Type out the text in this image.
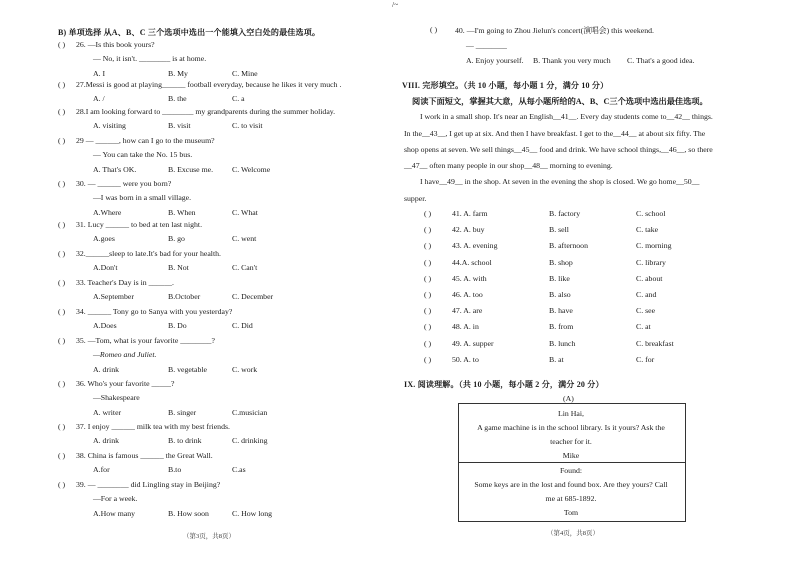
/~
B) 单项选择 从A、B、C 三个选项中选出一个能填入空白处的最佳选项。
( ) 26. —Is this book yours?
— No, it isn't. ________ is at home.
A. I	B. My	C. Mine
( ) 27.Messi is good at playing______ football everyday, because he likes it very much .
A. /	B. the	C. a
( ) 28.I am looking forward to ________ my grandparents during the summer holiday.
A. visiting	B. visit	C. to visit
( ) 29 — ______, how can I go to the museum?
— You can take the No. 15 bus.
A. That's OK.	B. Excuse me. C. Welcome
( ) 30. — ______ were you born?
—I was born in a small village.
A.Where	B. When	C. What
( ) 31. Lucy ______ to bed at ten last night.
A.goes	B. go	C. went
( ) 32.______sleep to late.It's bad for your health.
A.Don't	B. Not	C. Can't
( ) 33. Teacher's Day is in ______.
A.September	B.October	C. December
( ) 34. ______ Tony go to Sanya with you yesterday?
A.Does	B. Do	C. Did
( ) 35. —Tom, what is your favorite ________?
—Romeo and Juliet.
A. drink	B. vegetable	C. work
( ) 36. Who's your favorite _____?
—Shakespeare
A. writer	B. singer	C.musician
( ) 37. I enjoy ______ milk tea with my best friends.
A. drink	B. to drink	C. drinking
( ) 38. China is famous ______ the Great Wall.
A.for	B.to	C.as
( ) 39. — ________ did Lingling stay in Beijing?
—For a week.
A.How many	B. How soon	C. How long
（第3页，共8页）
( ) 40. —I'm going to Zhou Jielun's concert(演唱会) this weekend.
— ________
A. Enjoy yourself. B. Thank you very much C. That's a good idea.
VIII. 完形填空。（共 10 小题，每小题 1 分，满分 10 分）
阅读下面短文，掌握其大意，从每小题所给的A、B、C三个选项中选出最佳选项。
I work in a small shop. It's near an English__41__. Every day students come to__42__ things.
In the__43__, I get up at six. And then I have breakfast. I get to the__44__ at about six fifty. The
shop opens at seven. We sell things__45__ food and drink. We have school things,__46__, so there
__47__ often many people in our shop__48__ morning to evening.
I have__49__ in the shop. At seven in the evening the shop is closed. We go home__50__
supper.
( )	41. A. farm	B. factory	C. school
( )	42. A. buy	B. sell	C. take
( )	43. A. evening	B. afternoon	C. morning
( )	44.A. school	B. shop	C. library
( )	45. A. with	B. like	C. about
( )	46. A. too	B. also	C. and
( )	47. A. are	B. have	C. see
( )	48. A. in	B. from	C. at
( )	49. A. supper	B. lunch	C. breakfast
( )	50. A. to	B. at	C. for
IX. 阅读理解。（共 10 小题，每小题 2 分，满分 20 分）
(A)
Lin Hai,
A game machine is in the school library. Is it yours? Ask the
teacher for it.
Mike
Found:
Some keys are in the lost and found box. Are they yours? Call
me at 685-1892.
Tom
（第4页，共8页）
